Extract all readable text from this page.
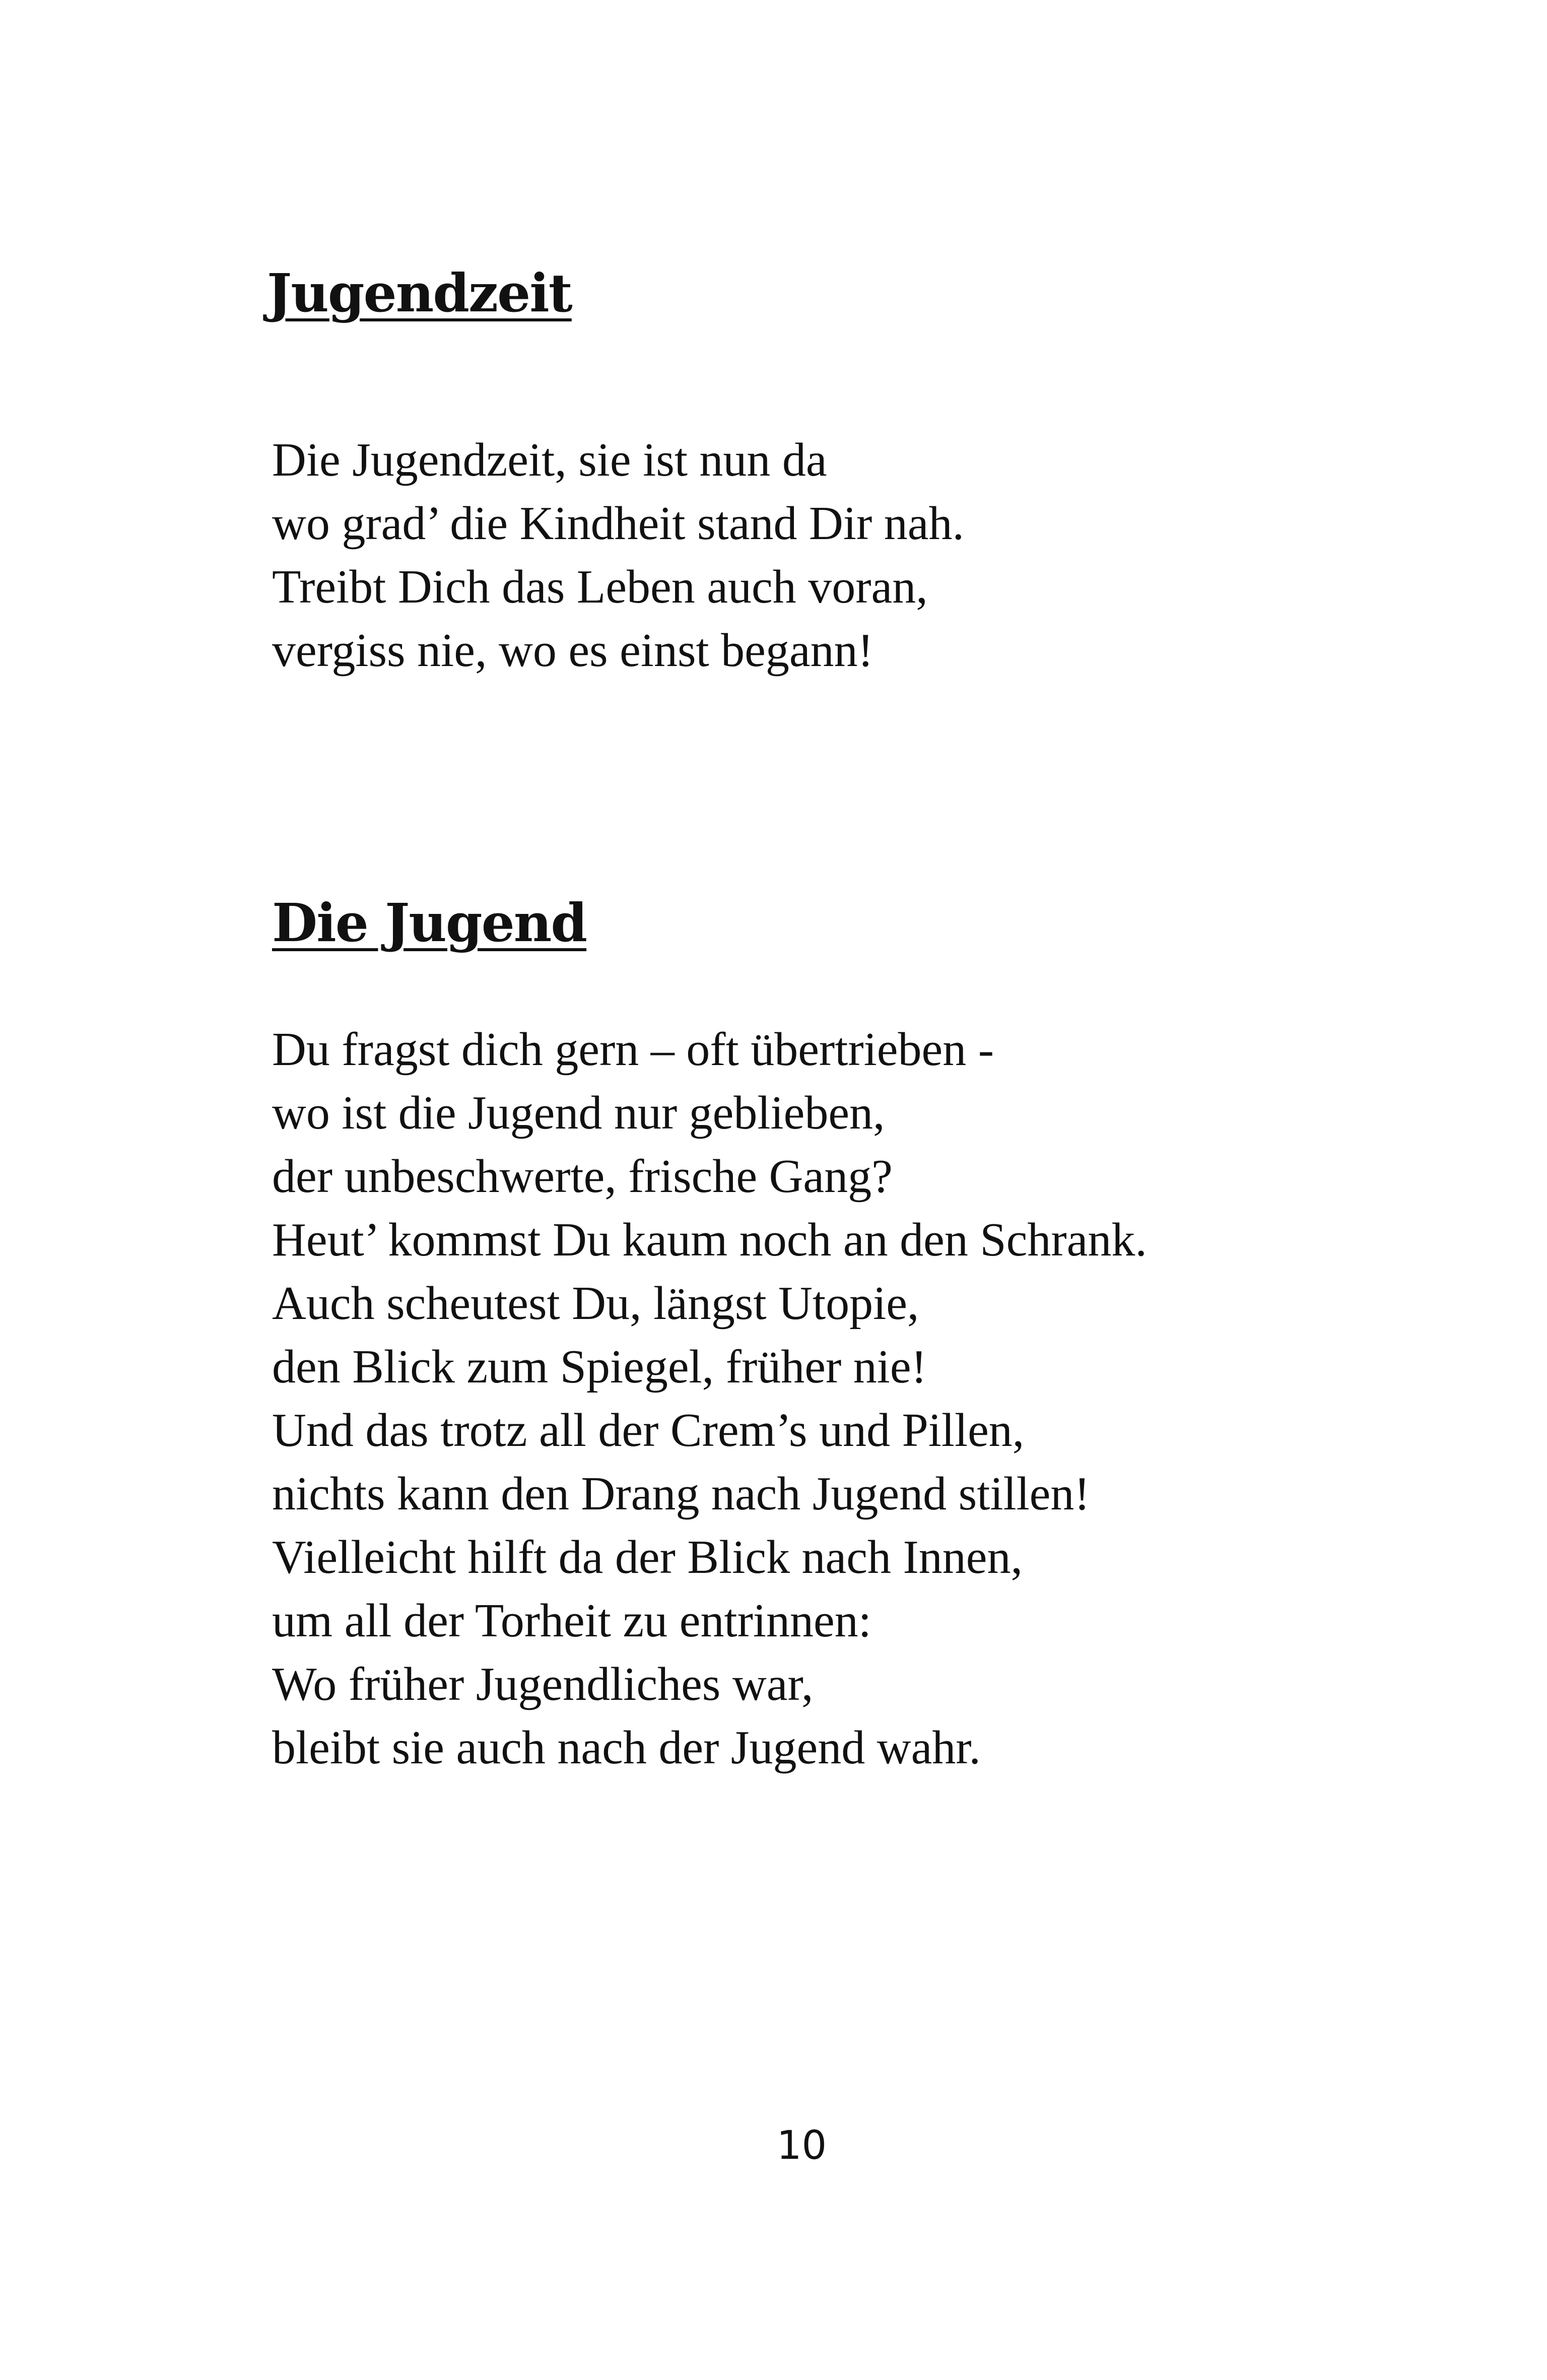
Jugendzeit
Die Jugendzeit, sie ist nun da
wo grad’ die Kindheit stand Dir nah.
Treibt Dich das Leben auch voran,
vergiss nie, wo es einst begann!
Die Jugend
Du fragst dich gern – oft übertrieben -
wo ist die Jugend nur geblieben,
der unbeschwerte, frische Gang?
Heut’ kommst Du kaum noch an den Schrank.
Auch scheutest Du, längst Utopie,
den Blick zum Spiegel, früher nie!
Und das trotz all der Crem’s und Pillen,
nichts kann den Drang nach Jugend stillen!
Vielleicht hilft da der Blick nach Innen,
um all der Torheit zu entrinnen:
Wo früher Jugendliches war,
bleibt sie auch nach der Jugend wahr.
10
